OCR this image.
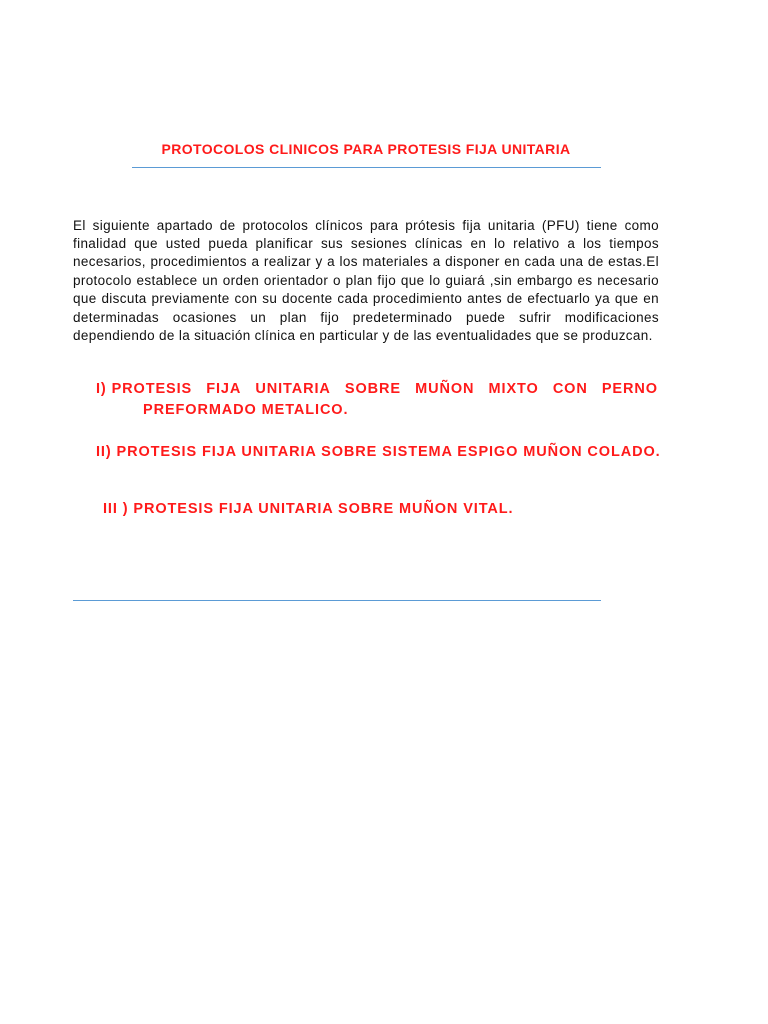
PROTOCOLOS CLINICOS PARA PROTESIS FIJA UNITARIA

El siguiente apartado de protocolos clínicos para prótesis fija unitaria (PFU) tiene como finalidad que usted pueda planificar sus sesiones clínicas en lo relativo a los tiempos necesarios, procedimientos a realizar y a los materiales a disponer en cada una de estas.El protocolo establece un orden orientador o plan fijo que lo guiará ,sin embargo es necesario que discuta previamente con su docente cada procedimiento antes de efectuarlo ya que en determinadas ocasiones un plan fijo predeterminado puede sufrir modificaciones dependiendo de la situación clínica en particular y de las eventualidades que se produzcan.

I) PROTESIS FIJA UNITARIA SOBRE MUÑON MIXTO CON PERNO
PREFORMADO METALICO.
II) PROTESIS FIJA UNITARIA SOBRE SISTEMA ESPIGO MUÑON COLADO.
III ) PROTESIS FIJA UNITARIA SOBRE MUÑON VITAL.
